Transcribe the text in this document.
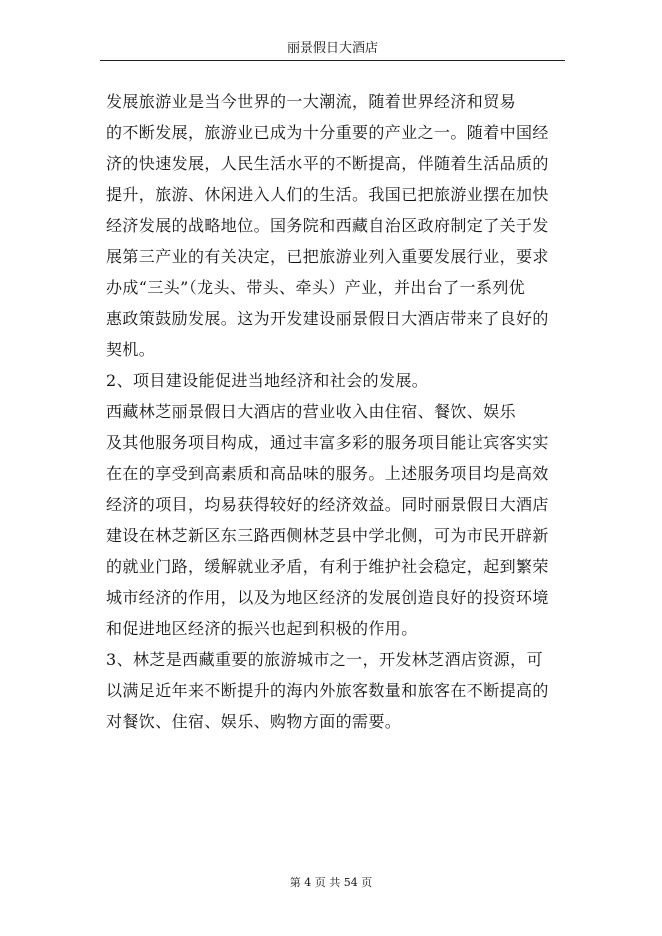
丽景假日大酒店
发展旅游业是当今世界的一大潮流，随着世界经济和贸易
的不断发展，旅游业已成为十分重要的产业之一。随着中国经
济的快速发展，人民生活水平的不断提高，伴随着生活品质的
提升，旅游、休闲进入人们的生活。我国已把旅游业摆在加快
经济发展的战略地位。国务院和西藏自治区政府制定了关于发
展第三产业的有关决定，已把旅游业列入重要发展行业，要求
办成“三头”（龙头、带头、牵头）产业，并出台了一系列优
惠政策鼓励发展。这为开发建设丽景假日大酒店带来了良好的
契机。
2、项目建设能促进当地经济和社会的发展。
西藏林芝丽景假日大酒店的营业收入由住宿、餐饮、娱乐
及其他服务项目构成，通过丰富多彩的服务项目能让宾客实实
在在的享受到高素质和高品味的服务。上述服务项目均是高效
经济的项目，均易获得较好的经济效益。同时丽景假日大酒店
建设在林芝新区东三路西侧林芝县中学北侧，可为市民开辟新
的就业门路，缓解就业矛盾，有利于维护社会稳定，起到繁荣
城市经济的作用，以及为地区经济的发展创造良好的投资环境
和促进地区经济的振兴也起到积极的作用。
3、林芝是西藏重要的旅游城市之一，开发林芝酒店资源，可
以满足近年来不断提升的海内外旅客数量和旅客在不断提高的
对餐饮、住宿、娱乐、购物方面的需要。
第 4 页 共 54 页
